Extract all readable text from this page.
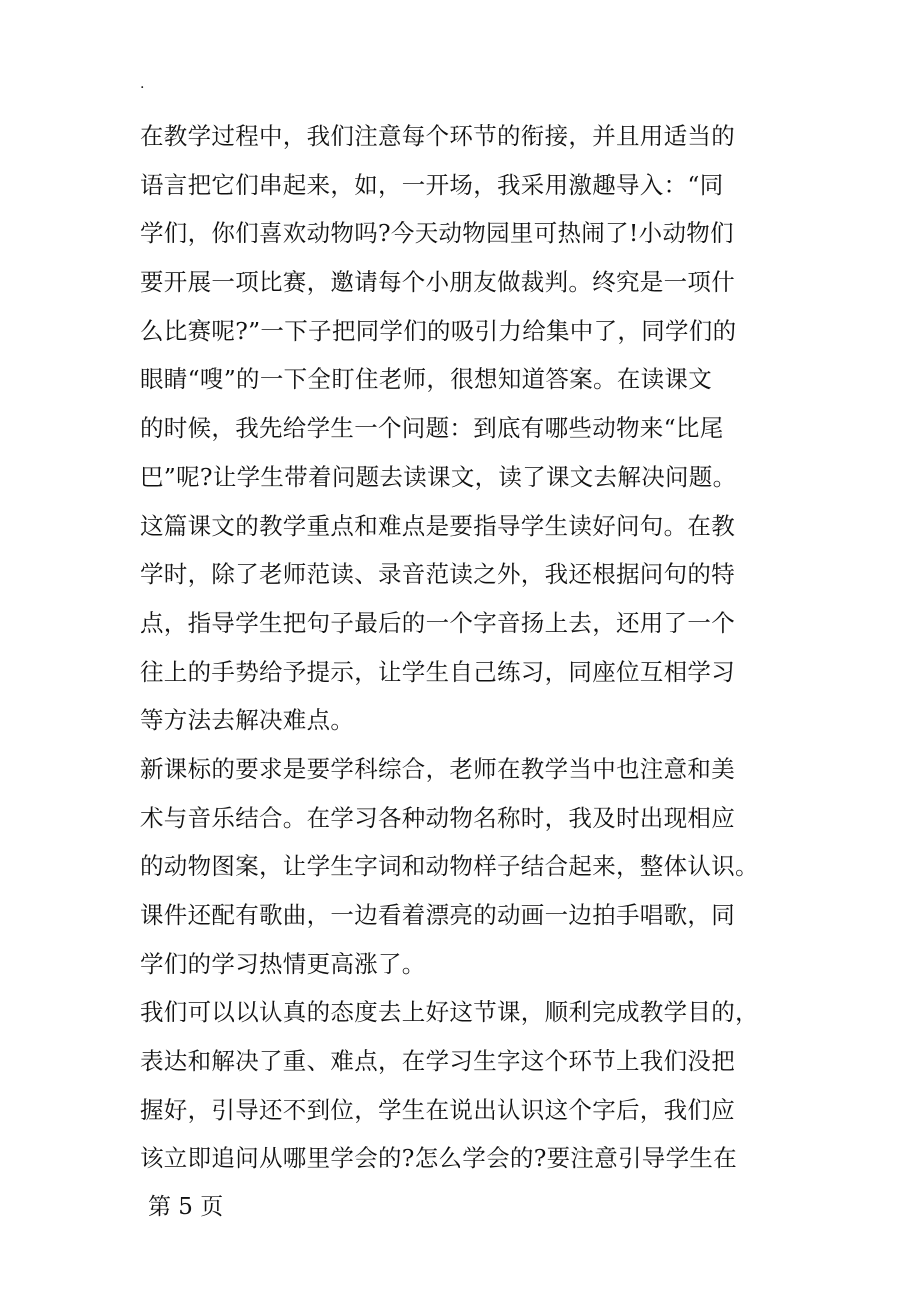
.

在教学过程中，我们注意每个环节的衔接，并且用适当的
语言把它们串起来，如，一开场，我采用激趣导入：“同
学们，你们喜欢动物吗?今天动物园里可热闹了!小动物们
要开展一项比赛，邀请每个小朋友做裁判。终究是一项什
么比赛呢?”一下子把同学们的吸引力给集中了，同学们的
眼睛“嗖”的一下全盯住老师，很想知道答案。在读课文
的时候，我先给学生一个问题：到底有哪些动物来“比尾
巴”呢?让学生带着问题去读课文，读了课文去解决问题。
这篇课文的教学重点和难点是要指导学生读好问句。在教
学时，除了老师范读、录音范读之外，我还根据问句的特
点，指导学生把句子最后的一个字音扬上去，还用了一个
往上的手势给予提示，让学生自己练习，同座位互相学习
等方法去解决难点。

新课标的要求是要学科综合，老师在教学当中也注意和美
术与音乐结合。在学习各种动物名称时，我及时出现相应
的动物图案，让学生字词和动物样子结合起来，整体认识。
课件还配有歌曲，一边看着漂亮的动画一边拍手唱歌，同
学们的学习热情更高涨了。

我们可以以认真的态度去上好这节课，顺利完成教学目的，
表达和解决了重、难点，在学习生字这个环节上我们没把
握好，引导还不到位，学生在说出认识这个字后，我们应
该立即追问从哪里学会的?怎么学会的?要注意引导学生在

第 5 页
